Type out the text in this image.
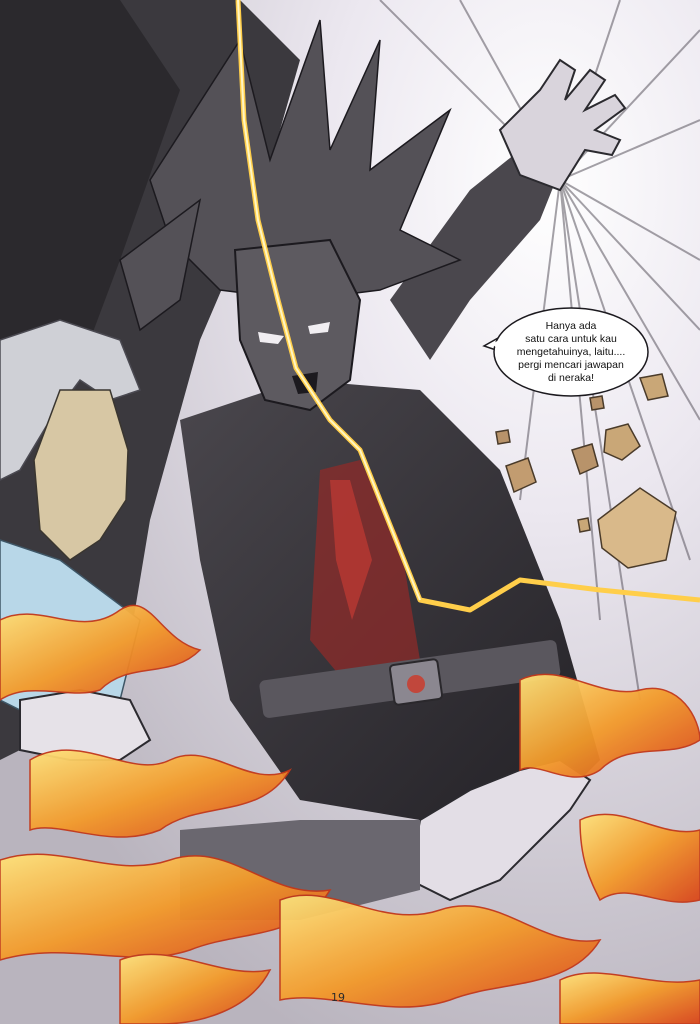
Hanya ada
satu cara untuk kau
mengetahuinya, laitu....
pergi mencari jawapan
di neraka!
19
